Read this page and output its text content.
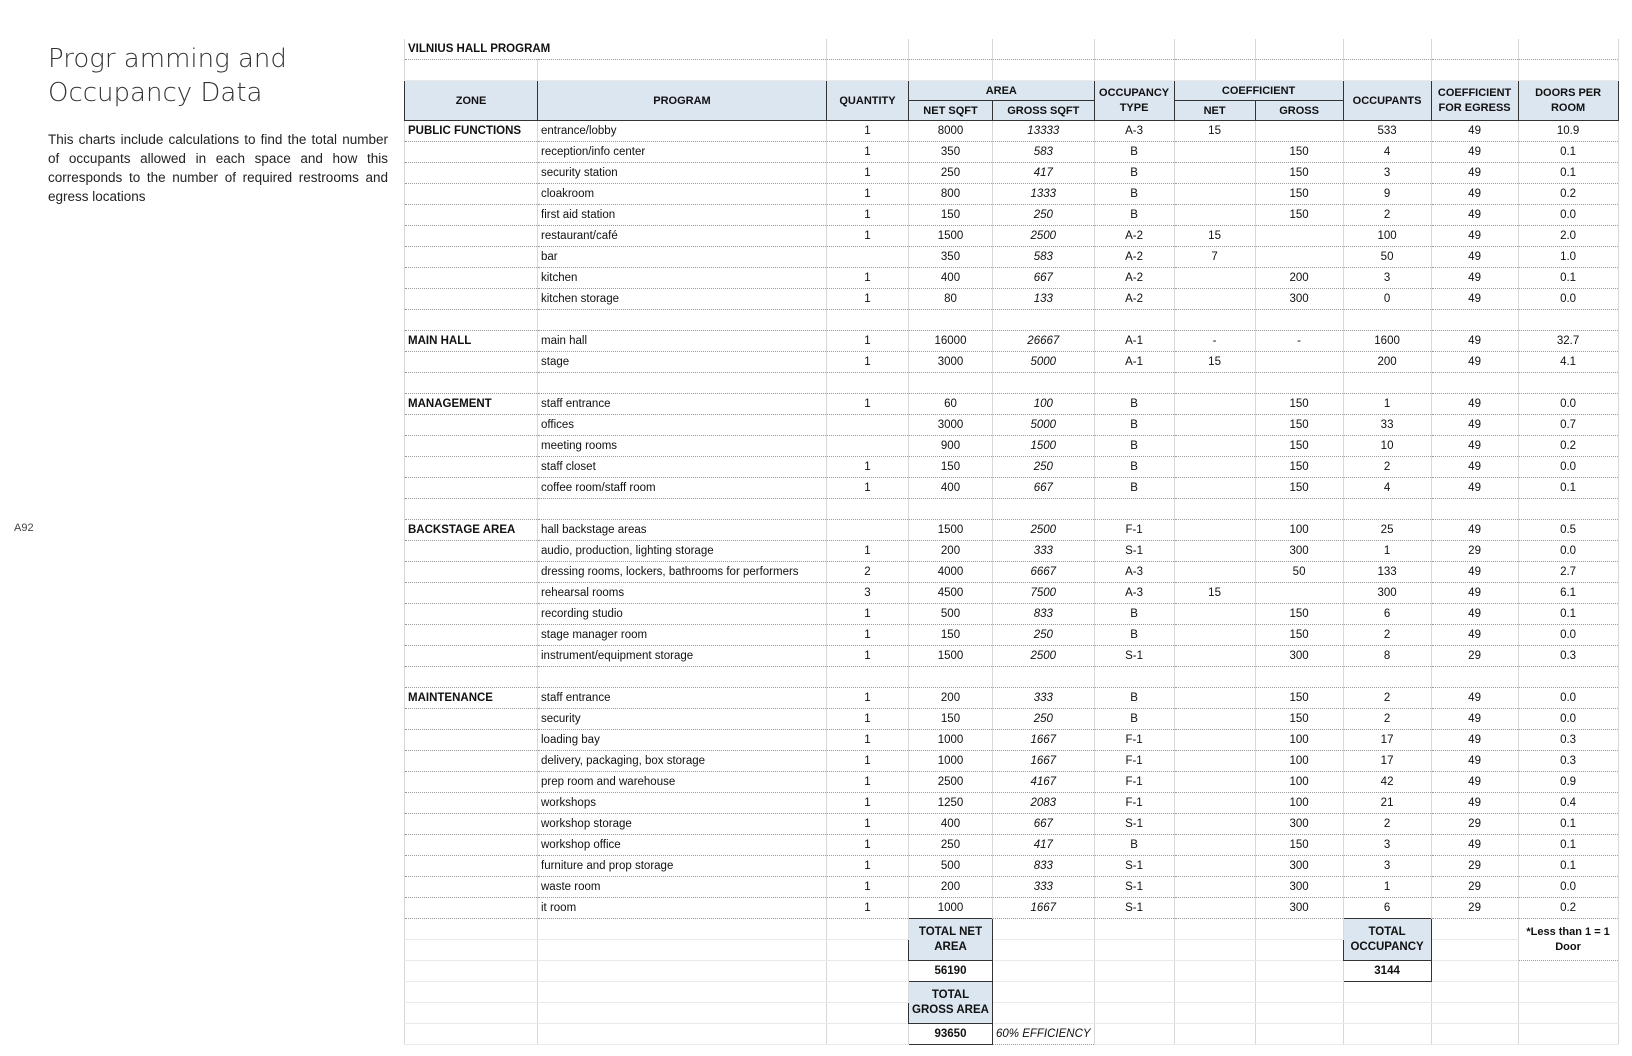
Progr amming and Occupancy Data
This charts include calculations to find the total number of occupants allowed in each space and how this corresponds to the number of required restrooms and egress locations
A92
VILNIUS HALL PROGRAM										

ZONE	PROGRAM	QUANTITY	AREA		OCCUPANCY TYPE	COEFFICIENT		OCCUPANTS	COEFFICIENT FOR EGRESS	DOORS PER ROOM
			NET SQFT	GROSS SQFT		NET	GROSS			
PUBLIC FUNCTIONS	entrance/lobby	1	8000	13333	A-3	15		533	49	10.9
	reception/info center	1	350	583	B		150	4	49	0.1
	security station	1	250	417	B		150	3	49	0.1
	cloakroom	1	800	1333	B		150	9	49	0.2
	first aid station	1	150	250	B		150	2	49	0.0
	restaurant/café	1	1500	2500	A-2	15		100	49	2.0
	bar		350	583	A-2	7		50	49	1.0
	kitchen	1	400	667	A-2		200	3	49	0.1
	kitchen storage	1	80	133	A-2		300	0	49	0.0

MAIN HALL	main hall	1	16000	26667	A-1	-	-	1600	49	32.7
	stage	1	3000	5000	A-1	15		200	49	4.1

MANAGEMENT	staff entrance	1	60	100	B		150	1	49	0.0
	offices		3000	5000	B		150	33	49	0.7
	meeting rooms		900	1500	B		150	10	49	0.2
	staff closet	1	150	250	B		150	2	49	0.0
	coffee room/staff room	1	400	667	B		150	4	49	0.1

BACKSTAGE AREA	hall backstage areas		1500	2500	F-1		100	25	49	0.5
	audio, production, lighting storage	1	200	333	S-1		300	1	29	0.0
	dressing rooms, lockers, bathrooms for performers	2	4000	6667	A-3		50	133	49	2.7
	rehearsal rooms	3	4500	7500	A-3	15		300	49	6.1
	recording studio	1	500	833	B		150	6	49	0.1
	stage manager room	1	150	250	B		150	2	49	0.0
	instrument/equipment storage	1	1500	2500	S-1		300	8	29	0.3

MAINTENANCE	staff entrance	1	200	333	B		150	2	49	0.0
	security	1	150	250	B		150	2	49	0.0
	loading bay	1	1000	1667	F-1		100	17	49	0.3
	delivery, packaging, box storage	1	1000	1667	F-1		100	17	49	0.3
	prep room and warehouse	1	2500	4167	F-1		100	42	49	0.9
	workshops	1	1250	2083	F-1		100	21	49	0.4
	workshop storage	1	400	667	S-1		300	2	29	0.1
	workshop office	1	250	417	B		150	3	49	0.1
	furniture and prop storage	1	500	833	S-1		300	3	29	0.1
	waste room	1	200	333	S-1		300	1	29	0.0
	it room	1	1000	1667	S-1		300	6	29	0.2
			TOTAL NET AREA					TOTAL OCCUPANCY		*Less than 1 = 1 Door

			56190					3144		
			TOTAL GROSS AREA							

			93650	60% EFFICIENCY						
